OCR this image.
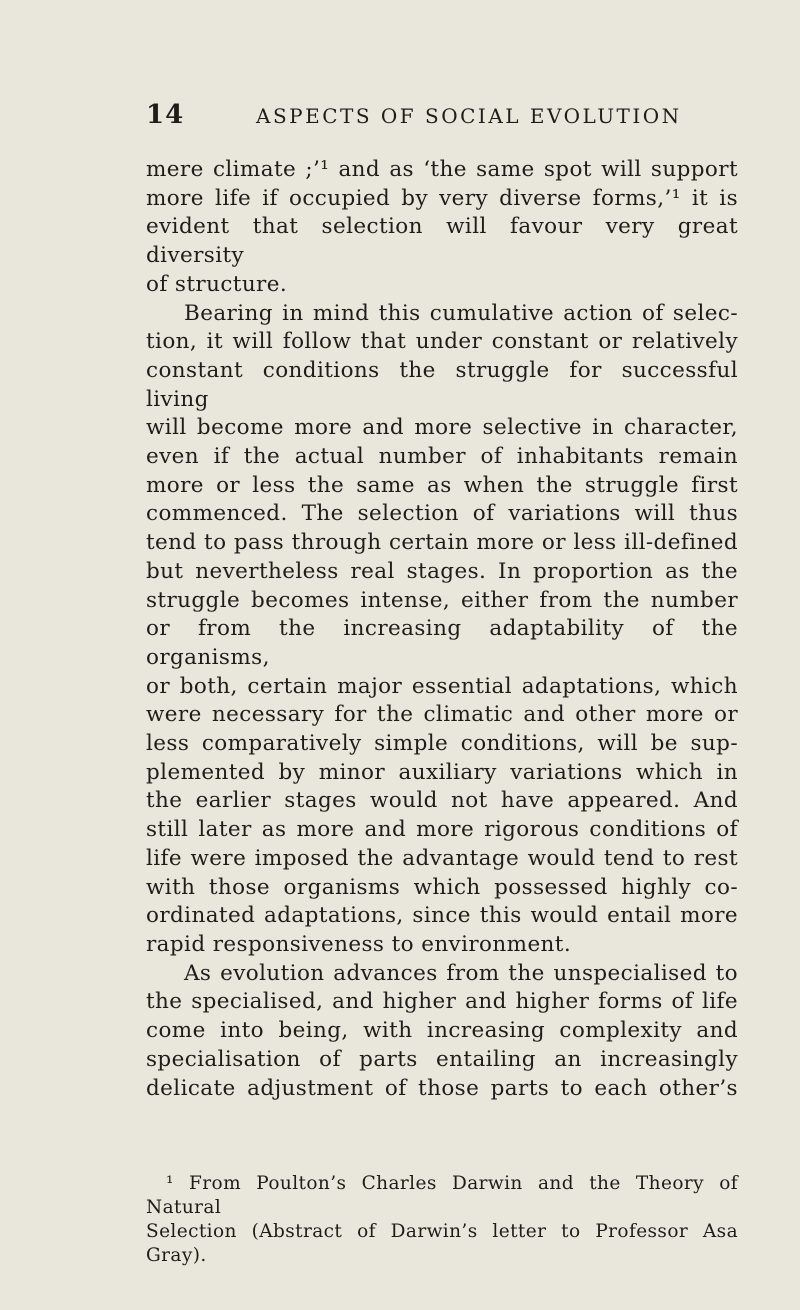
14	ASPECTS OF SOCIAL EVOLUTION

mere climate ;’¹ and as ‘the same spot will support

more life if occupied by very diverse forms,’¹ it is

evident that selection will favour very great diversity

of structure.

Bearing in mind this cumulative action of selec-

tion, it will follow that under constant or relatively

constant conditions the struggle for successful living

will become more and more selective in character,

even if the actual number of inhabitants remain

more or less the same as when the struggle first

commenced. The selection of variations will thus

tend to pass through certain more or less ill-defined

but nevertheless real stages. In proportion as the

struggle becomes intense, either from the number

or from the increasing adaptability of the organisms,

or both, certain major essential adaptations, which

were necessary for the climatic and other more or

less comparatively simple conditions, will be sup-

plemented by minor auxiliary variations which in

the earlier stages would not have appeared. And

still later as more and more rigorous conditions of

life were imposed the advantage would tend to rest

with those organisms which possessed highly co-

ordinated adaptations, since this would entail more

rapid responsiveness to environment.

As evolution advances from the unspecialised to

the specialised, and higher and higher forms of life

come into being, with increasing complexity and

specialisation of parts entailing an increasingly

delicate adjustment of those parts to each other’s

¹ From Poulton’s Charles Darwin and the Theory of Natural
Selection (Abstract of Darwin’s letter to Professor Asa Gray).
